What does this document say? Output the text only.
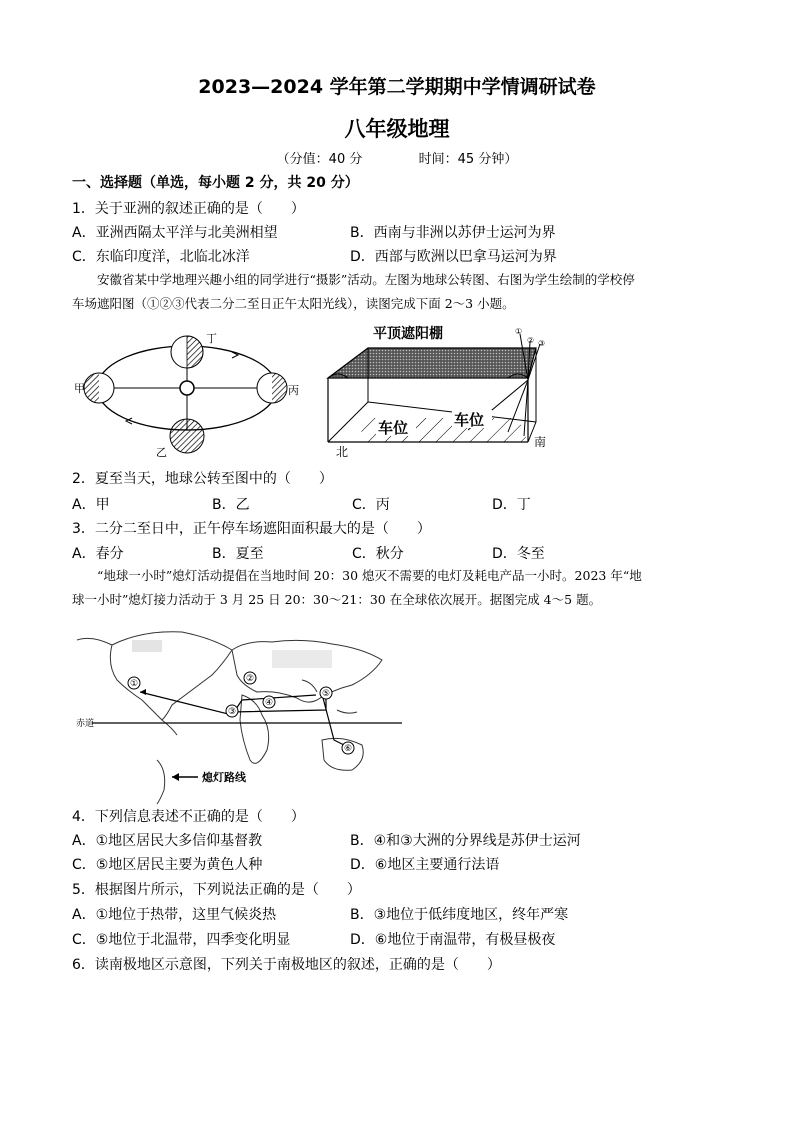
2023—2024 学年第二学期期中学情调研试卷
八年级地理
（分值：40 分	时间：45 分钟）
一、选择题（单选，每小题 2 分，共 20 分）
1．关于亚洲的叙述正确的是（　　）
A．亚洲西隔太平洋与北美洲相望	B．西南与非洲以苏伊士运河为界
C．东临印度洋，北临北冰洋	D．西部与欧洲以巴拿马运河为界

安徽省某中学地理兴趣小组的同学进行“摄影”活动。左图为地球公转图、右图为学生绘制的学校停

车场遮阳图（①②③代表二分二至日正午太阳光线），读图完成下面 2～3 小题。
甲
乙
丙
丁	平顶遮阳棚	①
② ③
车位	车位
北
南
2．夏至当天，地球公转至图中的（　　）
A．甲	B．乙	C．丙	D．丁
3．二分二至日中，正午停车场遮阳面积最大的是（　　）
A．春分	B．夏至	C．秋分	D．冬至

“地球一小时”熄灯活动提倡在当地时间 20：30 熄灭不需要的电灯及耗电产品一小时。2023 年“地

球一小时”熄灯接力活动于 3 月 25 日 20：30～21：30 在全球依次展开。据图完成 4～5 题。
赤道
①	②
③
④
⑤
⑥
熄灯路线
4．下列信息表述不正确的是（　　）
A．①地区居民大多信仰基督教	B．④和③大洲的分界线是苏伊士运河
C．⑤地区居民主要为黄色人种	D．⑥地区主要通行法语
5．根据图片所示，下列说法正确的是（　　）
A．①地位于热带，这里气候炎热	B．③地位于低纬度地区，终年严寒
C．⑤地位于北温带，四季变化明显	D．⑥地位于南温带，有极昼极夜
6．读南极地区示意图，下列关于南极地区的叙述，正确的是（　　）
